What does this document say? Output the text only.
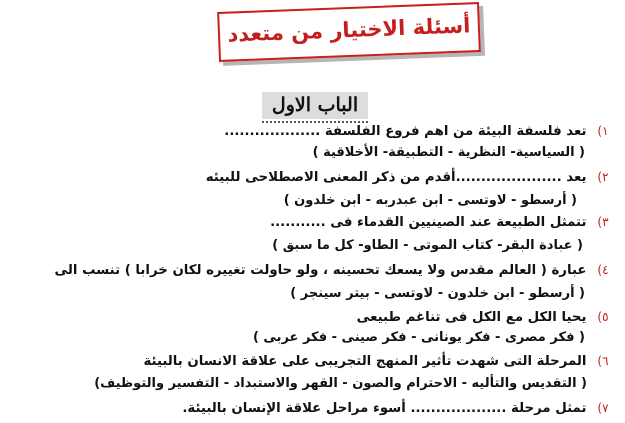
أسئلة الاختيار من متعدد
الباب الاول
١) تعد فلسفة البيئة من اهم فروع الفلسفة ...................
( السياسية- النظرية - التطبيقة- الأخلاقية )
٢) يعد .....................أقدم من ذكر المعنى الاصطلاحى للبيئه
( أرسطو - لاوتسى - ابن عبدربه - ابن خلدون )
٣) تتمثل الطبيعة عند الصينيين القدماء فى ...........
( عبادة البقر- كتاب الموتى - الطاو- كل ما سبق )
٤) عبارة ( العالم مقدس ولا يسعك تحسينه ، ولو حاولت تغييره لكان خرابا ) تنسب الى
( أرسطو - ابن خلدون - لاوتسى - بيتر سينجر )
٥) يحيا الكل مع الكل فى تناغم طبيعى
( فكر مصرى - فكر يونانى - فكر صينى - فكر عربى )
٦) المرحلة التى شهدت تأثير المنهج التجريبى على علاقة الانسان بالبيئة
( التقديس والتأليه - الاحترام والصون - القهر والاستبداد - التفسير والتوظيف)
٧) تمثل مرحلة ................... أسوء مراحل علاقة الإنسان بالبيئة.
